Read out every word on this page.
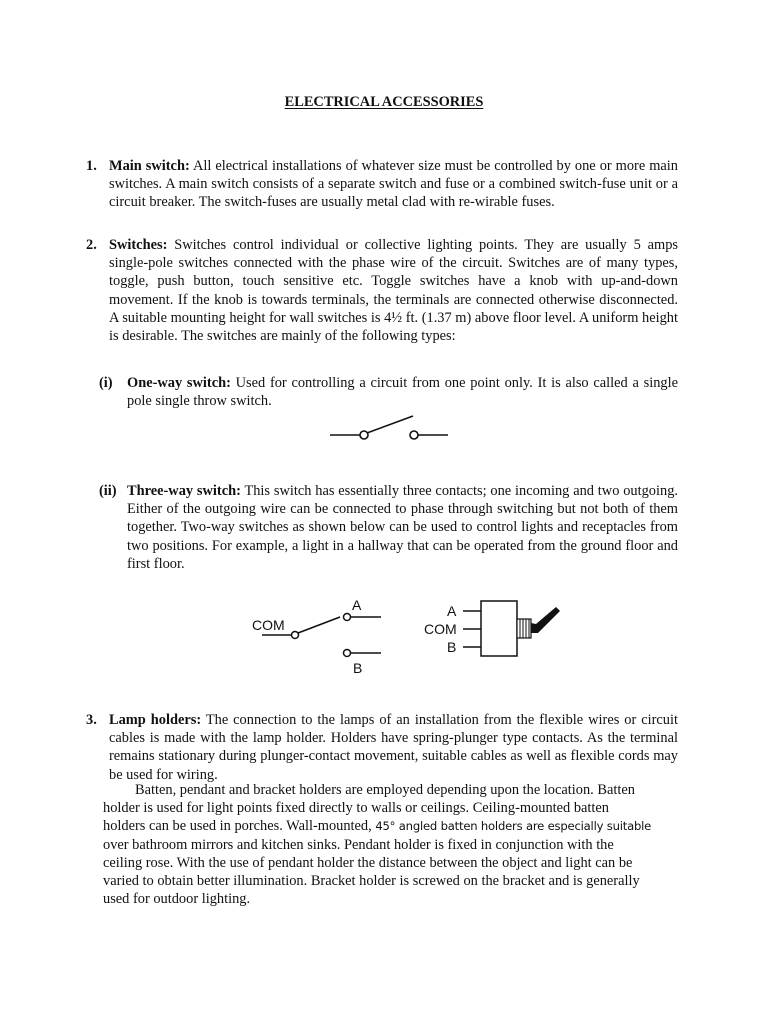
ELECTRICAL ACCESSORIES
1. Main switch: All electrical installations of whatever size must be controlled by one or more main switches. A main switch consists of a separate switch and fuse or a combined switch-fuse unit or a circuit breaker. The switch-fuses are usually metal clad with re-wirable fuses.

2. Switches: Switches control individual or collective lighting points. They are usually 5 amps single-pole switches connected with the phase wire of the circuit. Switches are of many types, toggle, push button, touch sensitive etc. Toggle switches have a knob with up-and-down movement. If the knob is towards terminals, the terminals are connected otherwise disconnected. A suitable mounting height for wall switches is 4½ ft. (1.37 m) above floor level. A uniform height is desirable. The switches are mainly of the following types:

(i) One-way switch: Used for controlling a circuit from one point only. It is also called a single pole single throw switch.

(ii) Three-way switch: This switch has essentially three contacts; one incoming and two outgoing. Either of the outgoing wire can be connected to phase through switching but not both of them together. Two-way switches as shown below can be used to control lights and receptacles from two positions. For example, a light in a hallway that can be operated from the ground floor and first floor.

COM
A
B
A
COM
B
3. Lamp holders: The connection to the lamps of an installation from the flexible wires or circuit cables is made with the lamp holder. Holders have spring-plunger type contacts. As the terminal remains stationary during plunger-contact movement, suitable cables as well as flexible cords may be used for wiring.

Batten, pendant and bracket holders are employed depending upon the location. Batten
holder is used for light points fixed directly to walls or ceilings. Ceiling-mounted batten
holders can be used in porches. Wall-mounted, 45° angled batten holders are especially suitable
over bathroom mirrors and kitchen sinks. Pendant holder is fixed in conjunction with the
ceiling rose. With the use of pendant holder the distance between the object and light can be
varied to obtain better illumination. Bracket holder is screwed on the bracket and is generally
used for outdoor lighting.
